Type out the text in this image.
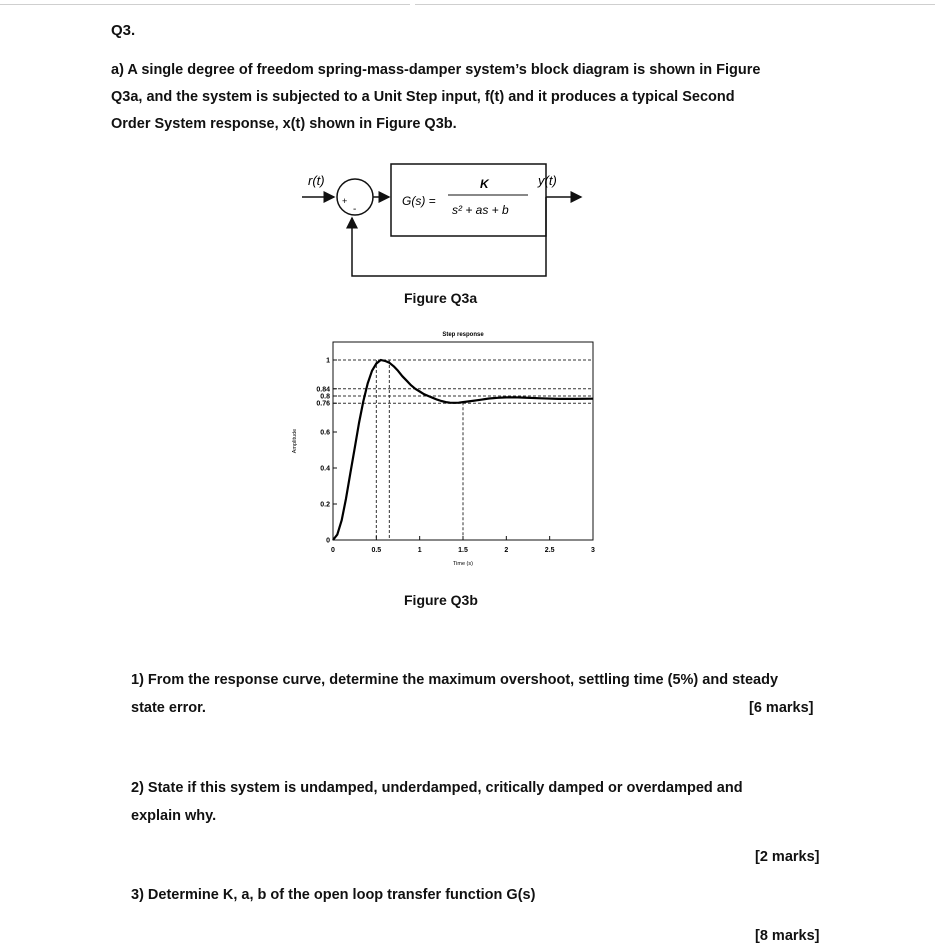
Q3.
a) A single degree of freedom spring-mass-damper system’s block diagram is shown in Figure
Q3a, and the system is subjected to a Unit Step input, f(t) and it produces a typical Second
Order System response, x(t) shown in Figure Q3b.
r(t)
+
-
G(s) =
K
s² + as + b
y(t)
Figure Q3a
Step response
Time (s)
Amplitude
0	0.5	1	1.5	2	2.5	3
0
0.2
0.4
0.6
0.76
0.8
0.84
1
Figure Q3b
1) From the response curve, determine the maximum overshoot, settling time (5%) and steady
state error.	[6 marks]
2) State if this system is undamped, underdamped, critically damped or overdamped and
explain why.
[2 marks]
3) Determine K, a, b of the open loop transfer function G(s)
[8 marks]
